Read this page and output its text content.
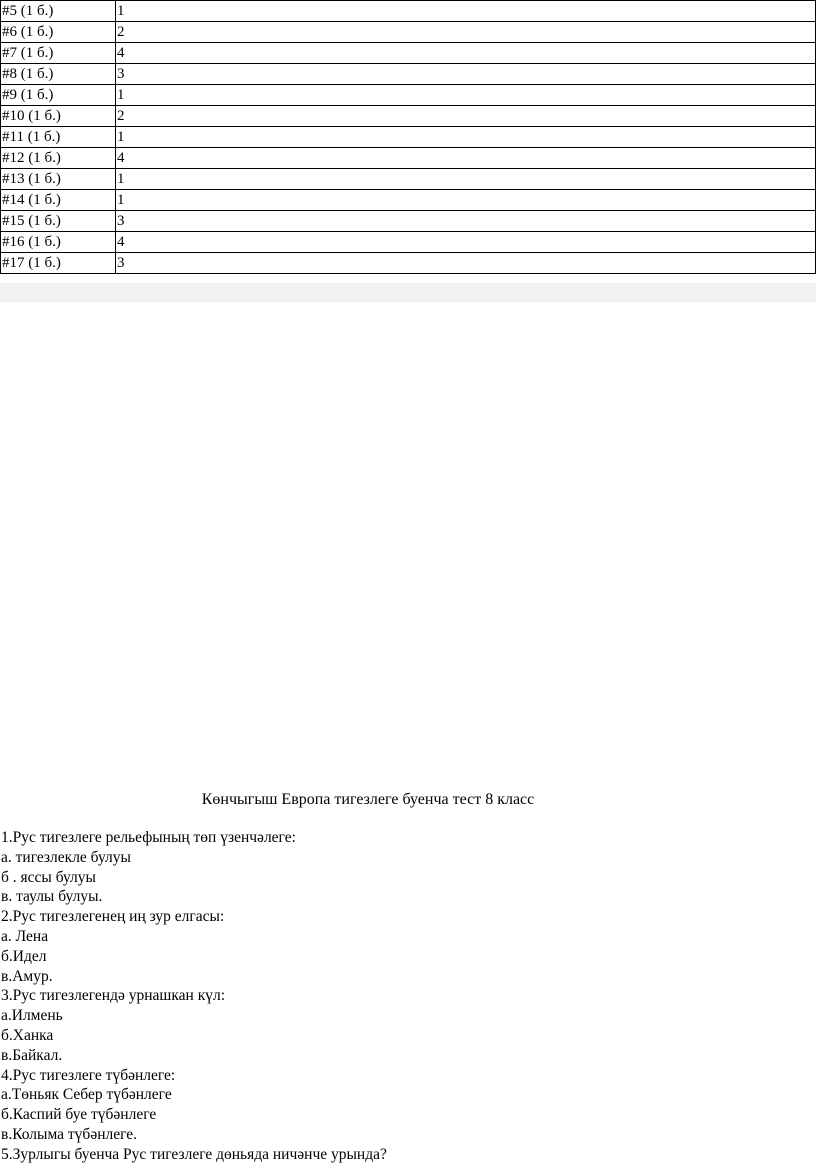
#5 (1 б.)	1
#6 (1 б.)	2
#7 (1 б.)	4
#8 (1 б.)	3
#9 (1 б.)	1
#10 (1 б.)	2
#11 (1 б.)	1
#12 (1 б.)	4
#13 (1 б.)	1
#14 (1 б.)	1
#15 (1 б.)	3
#16 (1 б.)	4
#17 (1 б.)	3
Көнчыгыш Европа тигезлеге буенча тест 8 класс
1.Рус тигезлеге рельефының төп үзенчәлеге:
а. тигезлекле булуы
б . яссы булуы
в. таулы булуы.
2.Рус тигезлегенең иң зур елгасы:
а. Лена
б.Идел
в.Амур.
3.Рус тигезлегендә урнашкан күл:
а.Илмень
б.Ханка
в.Байкал.
4.Рус тигезлеге түбәнлеге:
а.Төньяк Себер түбәнлеге
б.Каспий буе түбәнлеге
в.Колыма түбәнлеге.
5.Зурлыгы буенча Рус тигезлеге дөньяда ничәнче урында?
